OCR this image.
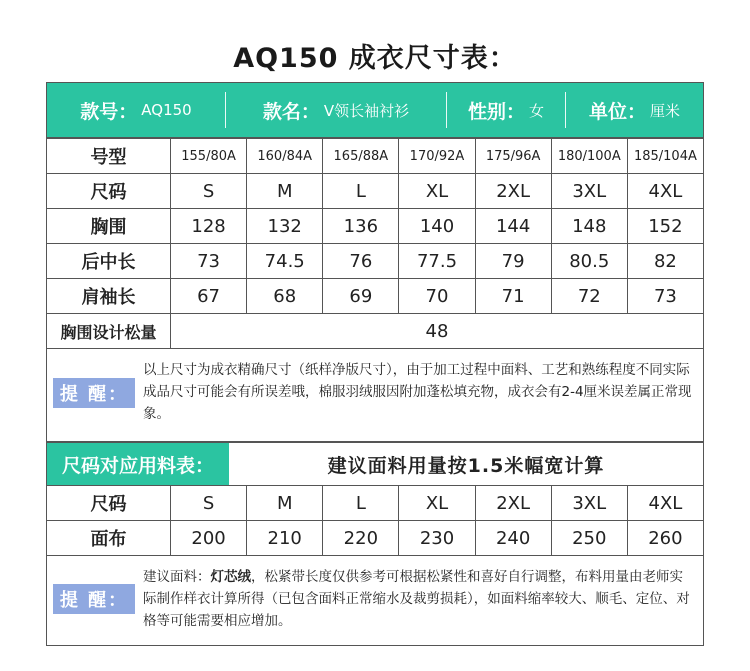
AQ150 成衣尺寸表：
款号： AQ150	款名： V领长袖衬衫	性别： 女 单位： 厘米
号型	155/80A	160/84A	165/88A	170/92A	175/96A	180/100A	185/104A
尺码	S	M	L	XL	2XL	3XL	4XL
胸围	128	132	136	140	144	148	152
后中长	73	74.5	76	77.5	79	80.5	82
肩袖长	67	68	69	70	71	72	73
胸围设计松量	48						
提 醒：
以上尺寸为成衣精确尺寸（纸样净版尺寸），由于加工过程中面料、工艺和熟练程度不同实际成品尺寸可能会有所误差哦，棉服羽绒服因附加蓬松填充物，成衣会有2-4厘米误差属正常现象。
尺码对应用料表：	建议面料用量按1.5米幅宽计算
尺码	S	M	L	XL	2XL	3XL	4XL
面布	200	210	220	230	240	250	260
提 醒：
建议面料：灯芯绒，松紧带长度仅供参考可根据松紧性和喜好自行调整，布料用量由老师实际制作样衣计算所得（已包含面料正常缩水及裁剪损耗），如面料缩率较大、顺毛、定位、对格等可能需要相应增加。
